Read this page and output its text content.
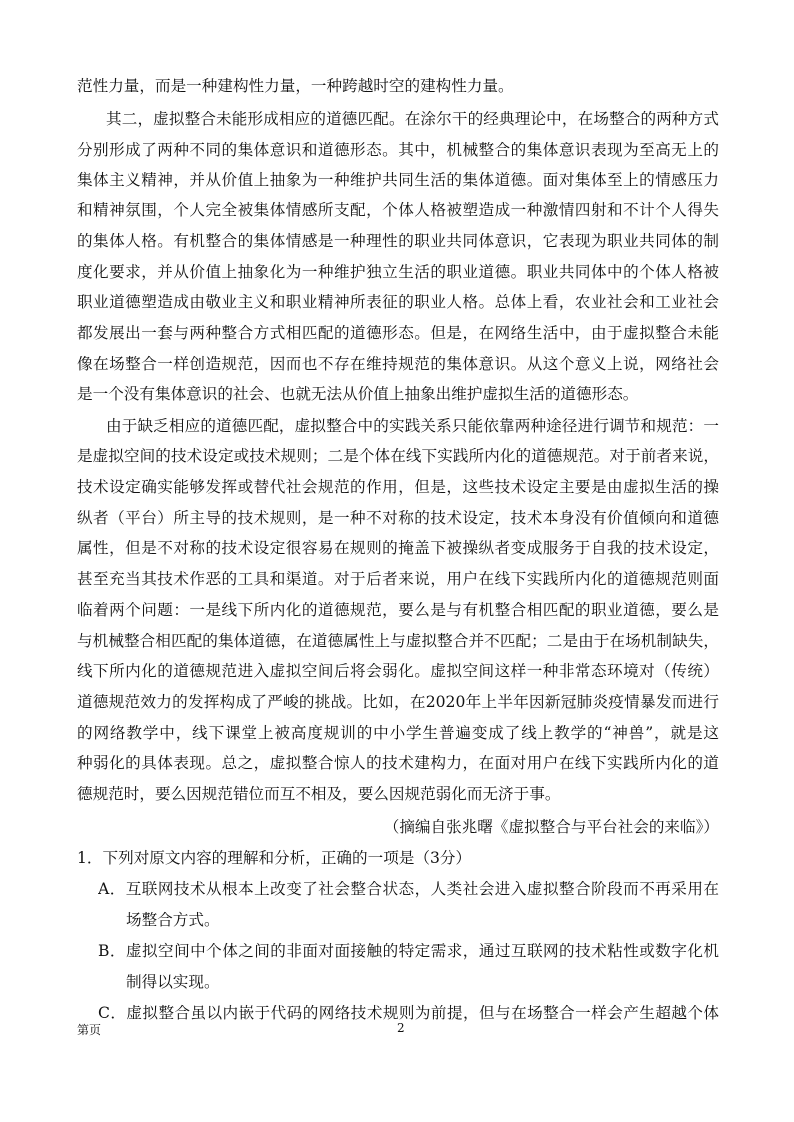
范性力量，而是一种建构性力量，一种跨越时空的建构性力量。
其二，虚拟整合未能形成相应的道德匹配。在涂尔干的经典理论中，在场整合的两种方式
分别形成了两种不同的集体意识和道德形态。其中，机械整合的集体意识表现为至高无上的
集体主义精神，并从价值上抽象为一种维护共同生活的集体道德。面对集体至上的情感压力
和精神氛围，个人完全被集体情感所支配，个体人格被塑造成一种激情四射和不计个人得失
的集体人格。有机整合的集体情感是一种理性的职业共同体意识，它表现为职业共同体的制
度化要求，并从价值上抽象化为一种维护独立生活的职业道德。职业共同体中的个体人格被
职业道德塑造成由敬业主义和职业精神所表征的职业人格。总体上看，农业社会和工业社会
都发展出一套与两种整合方式相匹配的道德形态。但是，在网络生活中，由于虚拟整合未能
像在场整合一样创造规范，因而也不存在维持规范的集体意识。从这个意义上说，网络社会
是一个没有集体意识的社会、也就无法从价值上抽象出维护虚拟生活的道德形态。
由于缺乏相应的道德匹配，虚拟整合中的实践关系只能依靠两种途径进行调节和规范：一
是虚拟空间的技术设定或技术规则；二是个体在线下实践所内化的道德规范。对于前者来说，
技术设定确实能够发挥或替代社会规范的作用，但是，这些技术设定主要是由虚拟生活的操
纵者（平台）所主导的技术规则，是一种不对称的技术设定，技术本身没有价值倾向和道德
属性，但是不对称的技术设定很容易在规则的掩盖下被操纵者变成服务于自我的技术设定，
甚至充当其技术作恶的工具和渠道。对于后者来说，用户在线下实践所内化的道德规范则面
临着两个问题：一是线下所内化的道德规范，要么是与有机整合相匹配的职业道德，要么是
与机械整合相匹配的集体道德，在道德属性上与虚拟整合并不匹配；二是由于在场机制缺失，
线下所内化的道德规范进入虚拟空间后将会弱化。虚拟空间这样一种非常态环境对（传统）
道德规范效力的发挥构成了严峻的挑战。比如，在2020年上半年因新冠肺炎疫情暴发而进行
的网络教学中，线下课堂上被高度规训的中小学生普遍变成了线上教学的“神兽”，就是这
种弱化的具体表现。总之，虚拟整合惊人的技术建构力，在面对用户在线下实践所内化的道
德规范时，要么因规范错位而互不相及，要么因规范弱化而无济于事。
（摘编自张兆曙《虚拟整合与平台社会的来临》）
1．下列对原文内容的理解和分析，正确的一项是（3分）
A．互联网技术从根本上改变了社会整合状态，人类社会进入虚拟整合阶段而不再采用在
场整合方式。
B．虚拟空间中个体之间的非面对面接触的特定需求，通过互联网的技术粘性或数字化机
制得以实现。
C．虚拟整合虽以内嵌于代码的网络技术规则为前提，但与在场整合一样会产生超越个体
第页	2
